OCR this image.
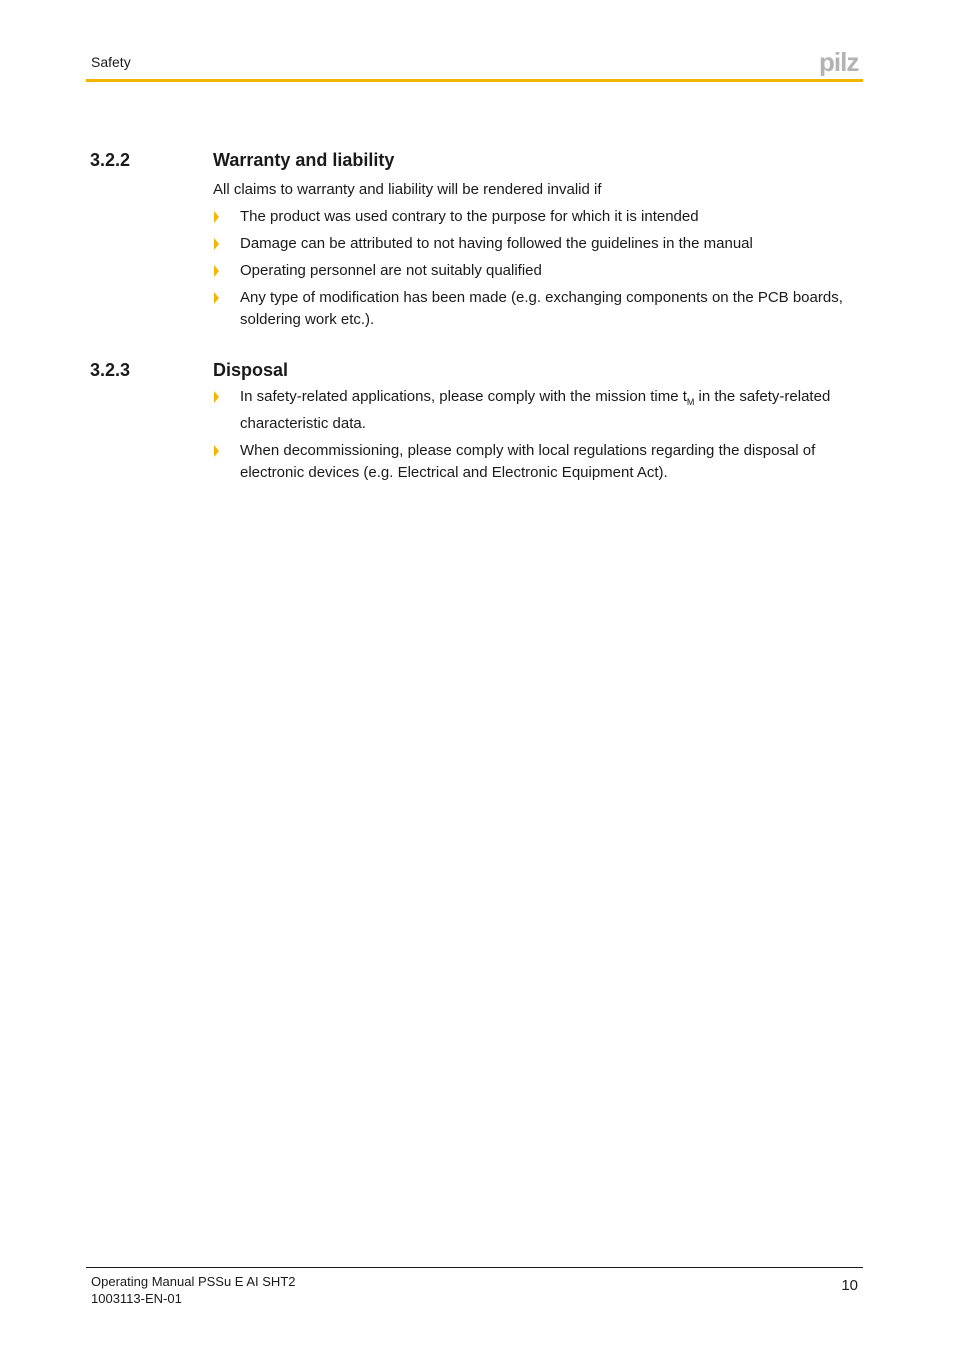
Safety	pilz
3.2.2	Warranty and liability
All claims to warranty and liability will be rendered invalid if
The product was used contrary to the purpose for which it is intended
Damage can be attributed to not having followed the guidelines in the manual
Operating personnel are not suitably qualified
Any type of modification has been made (e.g. exchanging components on the PCB boards, soldering work etc.).
3.2.3	Disposal
In safety-related applications, please comply with the mission time $t_M$ in the safety-related characteristic data.
When decommissioning, please comply with local regulations regarding the disposal of electronic devices (e.g. Electrical and Electronic Equipment Act).
Operating Manual PSSu E AI SHT2
1003113-EN-01
10
